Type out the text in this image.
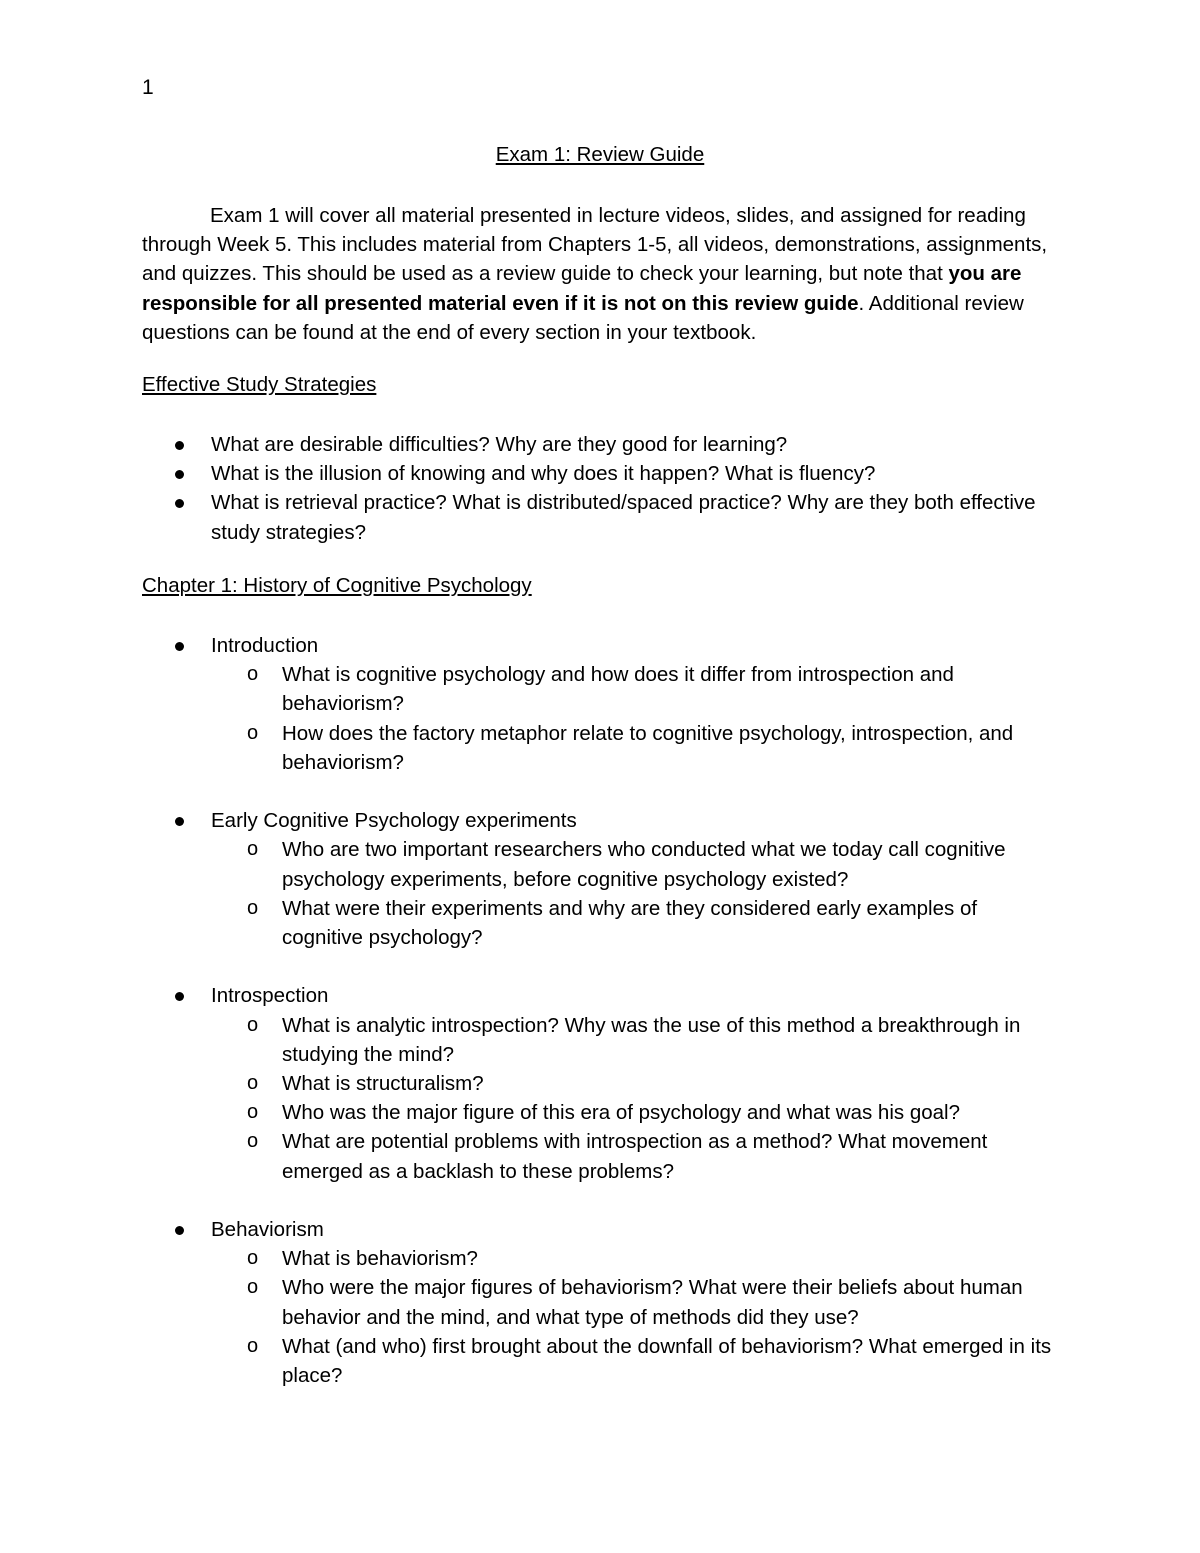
1
Exam 1: Review Guide
Exam 1 will cover all material presented in lecture videos, slides, and assigned for reading through Week 5. This includes material from Chapters 1-5, all videos, demonstrations, assignments, and quizzes. This should be used as a review guide to check your learning, but note that you are responsible for all presented material even if it is not on this review guide. Additional review questions can be found at the end of every section in your textbook.
Effective Study Strategies
What are desirable difficulties? Why are they good for learning?
What is the illusion of knowing and why does it happen? What is fluency?
What is retrieval practice? What is distributed/spaced practice? Why are they both effective study strategies?
Chapter 1: History of Cognitive Psychology
Introduction
o What is cognitive psychology and how does it differ from introspection and behaviorism?
o How does the factory metaphor relate to cognitive psychology, introspection, and behaviorism?
Early Cognitive Psychology experiments
o Who are two important researchers who conducted what we today call cognitive psychology experiments, before cognitive psychology existed?
o What were their experiments and why are they considered early examples of cognitive psychology?
Introspection
o What is analytic introspection? Why was the use of this method a breakthrough in studying the mind?
o What is structuralism?
o Who was the major figure of this era of psychology and what was his goal?
o What are potential problems with introspection as a method? What movement emerged as a backlash to these problems?
Behaviorism
o What is behaviorism?
o Who were the major figures of behaviorism? What were their beliefs about human behavior and the mind, and what type of methods did they use?
o What (and who) first brought about the downfall of behaviorism? What emerged in its place?
